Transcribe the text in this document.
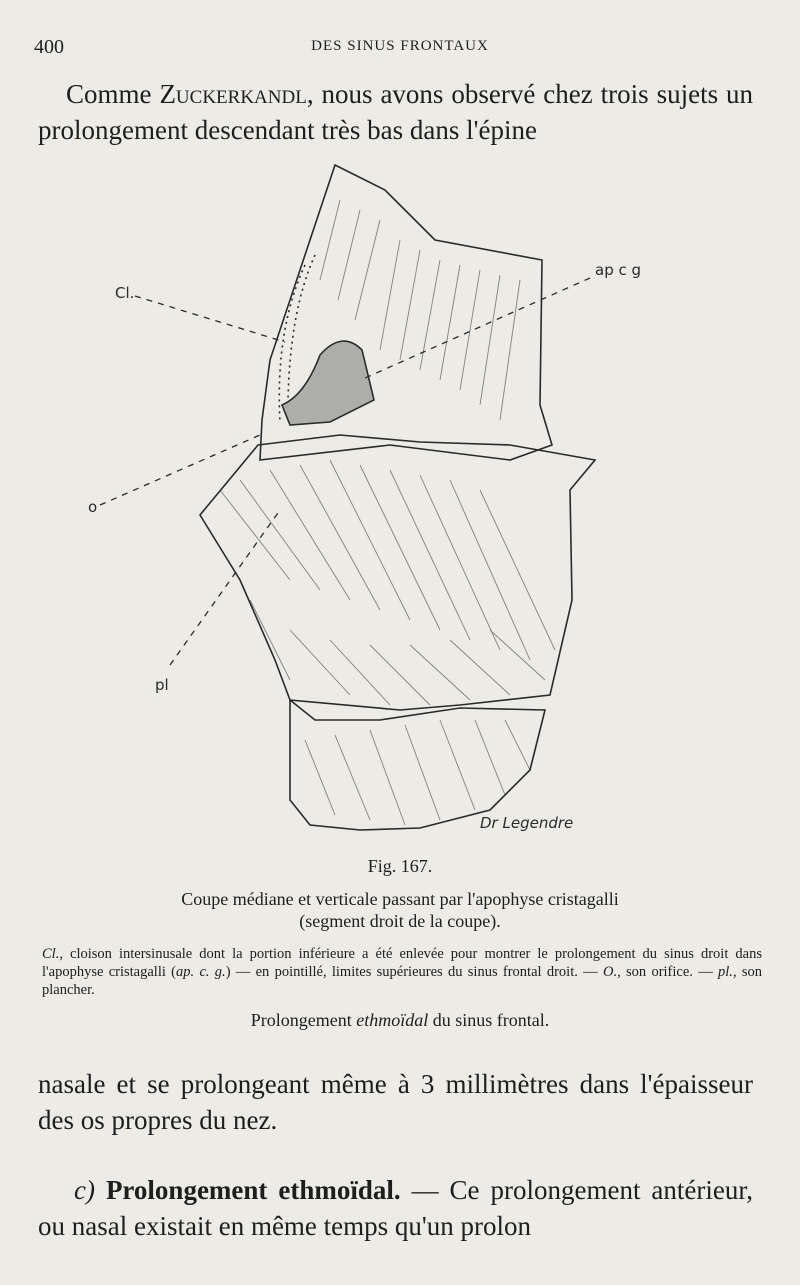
400	DES SINUS FRONTAUX
Comme Zuckerkandl, nous avons observé chez trois sujets un prolongement descendant très bas dans l'épine
Cl.
ap c g
o
pl
Dr Legendre
Fig. 167.
Coupe médiane et verticale passant par l'apophyse cristagalli
(segment droit de la coupe).
Cl., cloison intersinusale dont la portion inférieure a été enlevée pour montrer le prolongement du sinus droit dans l'apophyse cristagalli (ap. c. g.) — en pointillé, limites supérieures du sinus frontal droit. — O., son orifice. — pl., son plancher.
Prolongement ethmoïdal du sinus frontal.
nasale et se prolongeant même à 3 millimètres dans l'épaisseur des os propres du nez.
c) Prolongement ethmoïdal. — Ce prolongement antérieur, ou nasal existait en même temps qu'un prolon
